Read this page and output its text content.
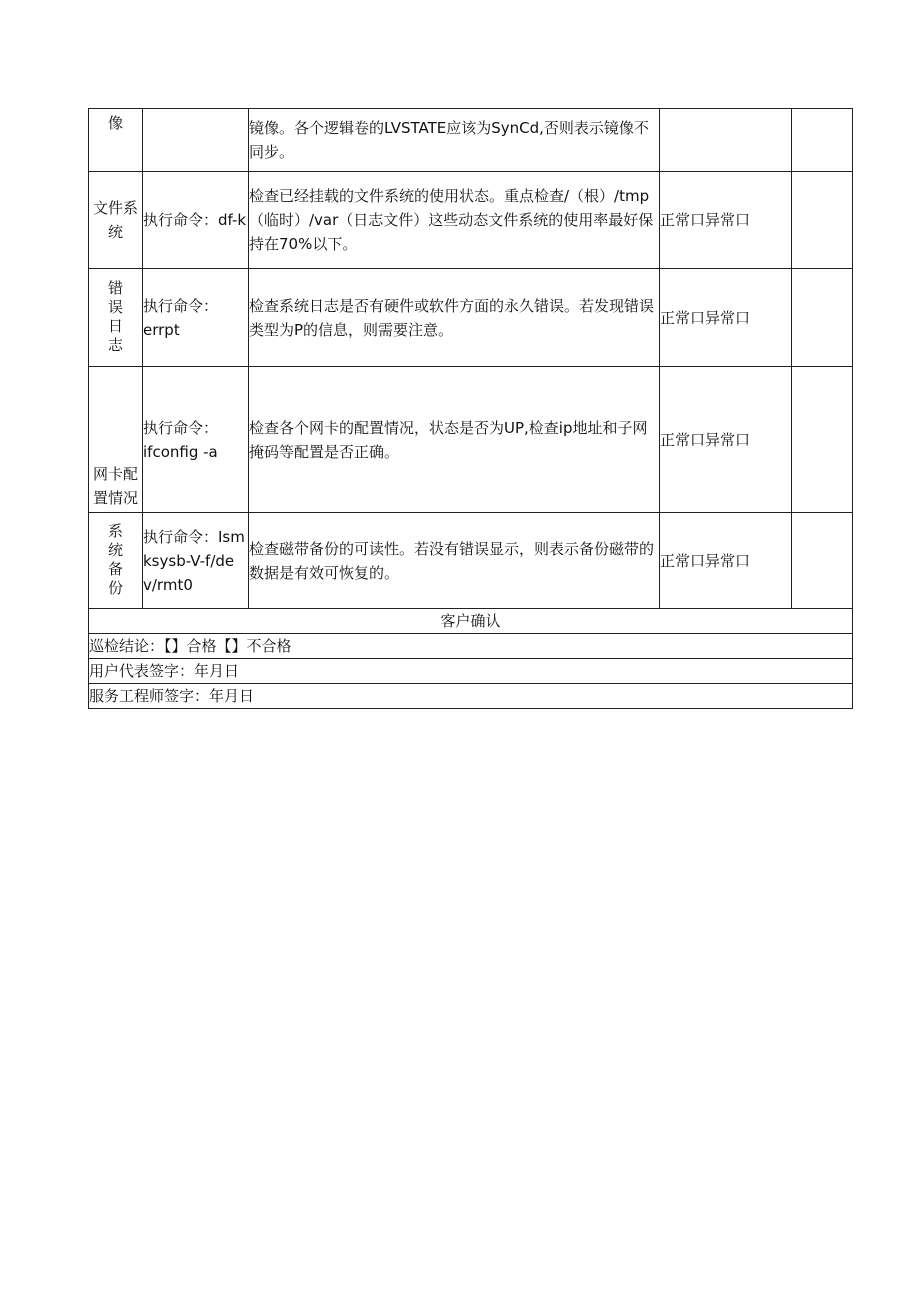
像		镜像。各个逻辑卷的LVSTATE应该为SynCd,否则表示镜像不同步。		
文件系统	执行命令：df-k	检查已经挂载的文件系统的使用状态。重点检查/（根）/tmp（临时）/var（日志文件）这些动态文件系统的使用率最好保持在70%以下。	正常口异常口	
错误日志	执行命令：errpt	检查系统日志是否有硬件或软件方面的永久错误。若发现错误类型为P的信息，则需要注意。	正常口异常口	
网卡配置情况	执行命令：ifconfig -a	检查各个网卡的配置情况，状态是否为UP,检查ip地址和子网掩码等配置是否正确。	正常口异常口	
系统备份	执行命令：Ismksysb-V-f/dev/rmt0	检查磁带备份的可读性。若没有错误显示，则表示备份磁带的数据是有效可恢复的。	正常口异常口	
客户确认				
巡检结论：【】合格【】不合格				
用户代表签字：年月日				
服务工程师签字：年月日				
